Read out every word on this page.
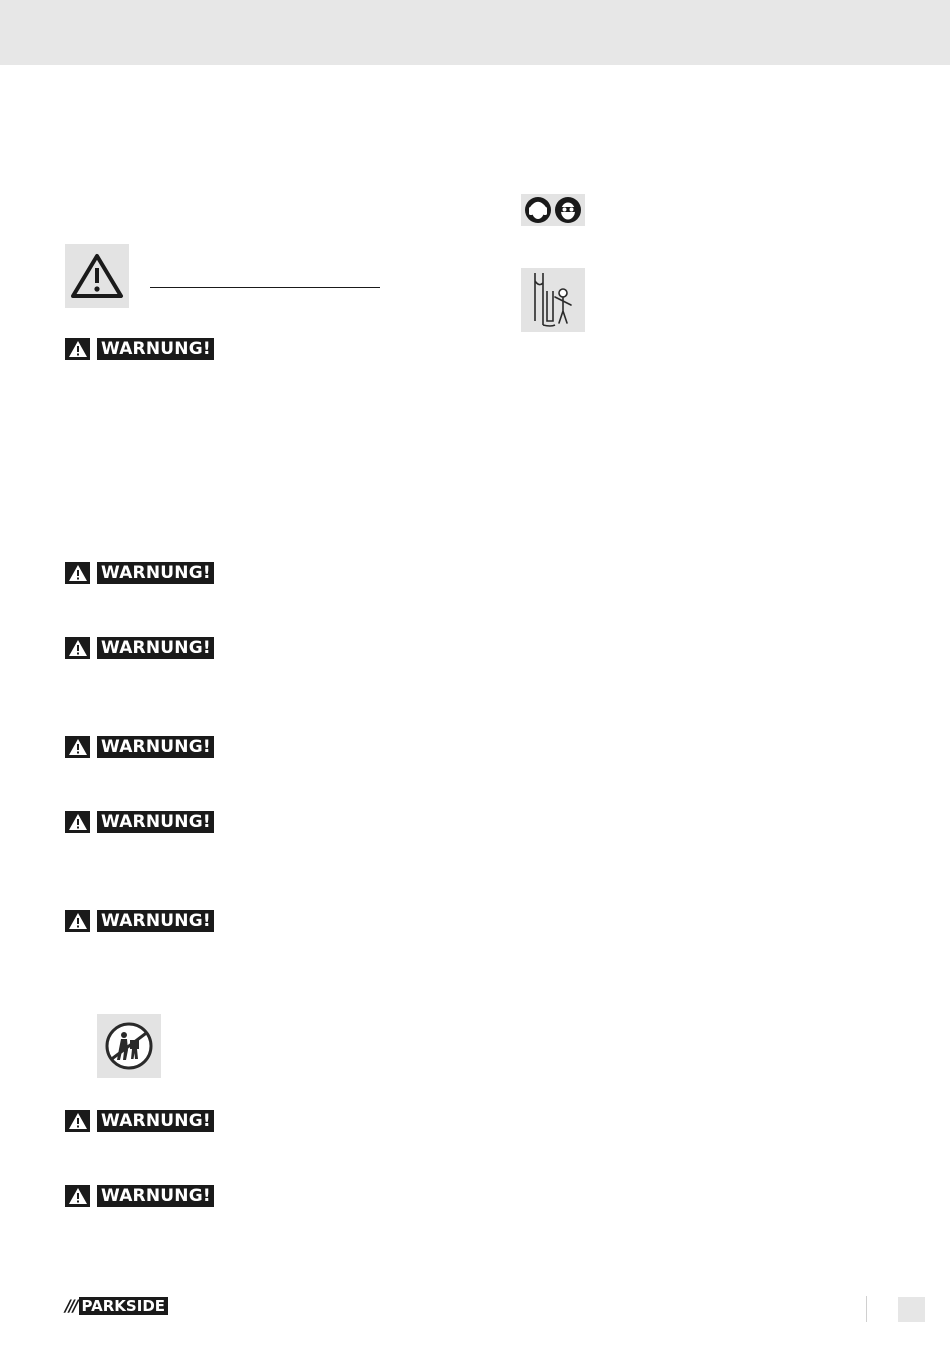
WARNUNG!
WARNUNG!
WARNUNG!
WARNUNG!
WARNUNG!
WARNUNG!
WARNUNG!
WARNUNG!
/// PARKSIDE
